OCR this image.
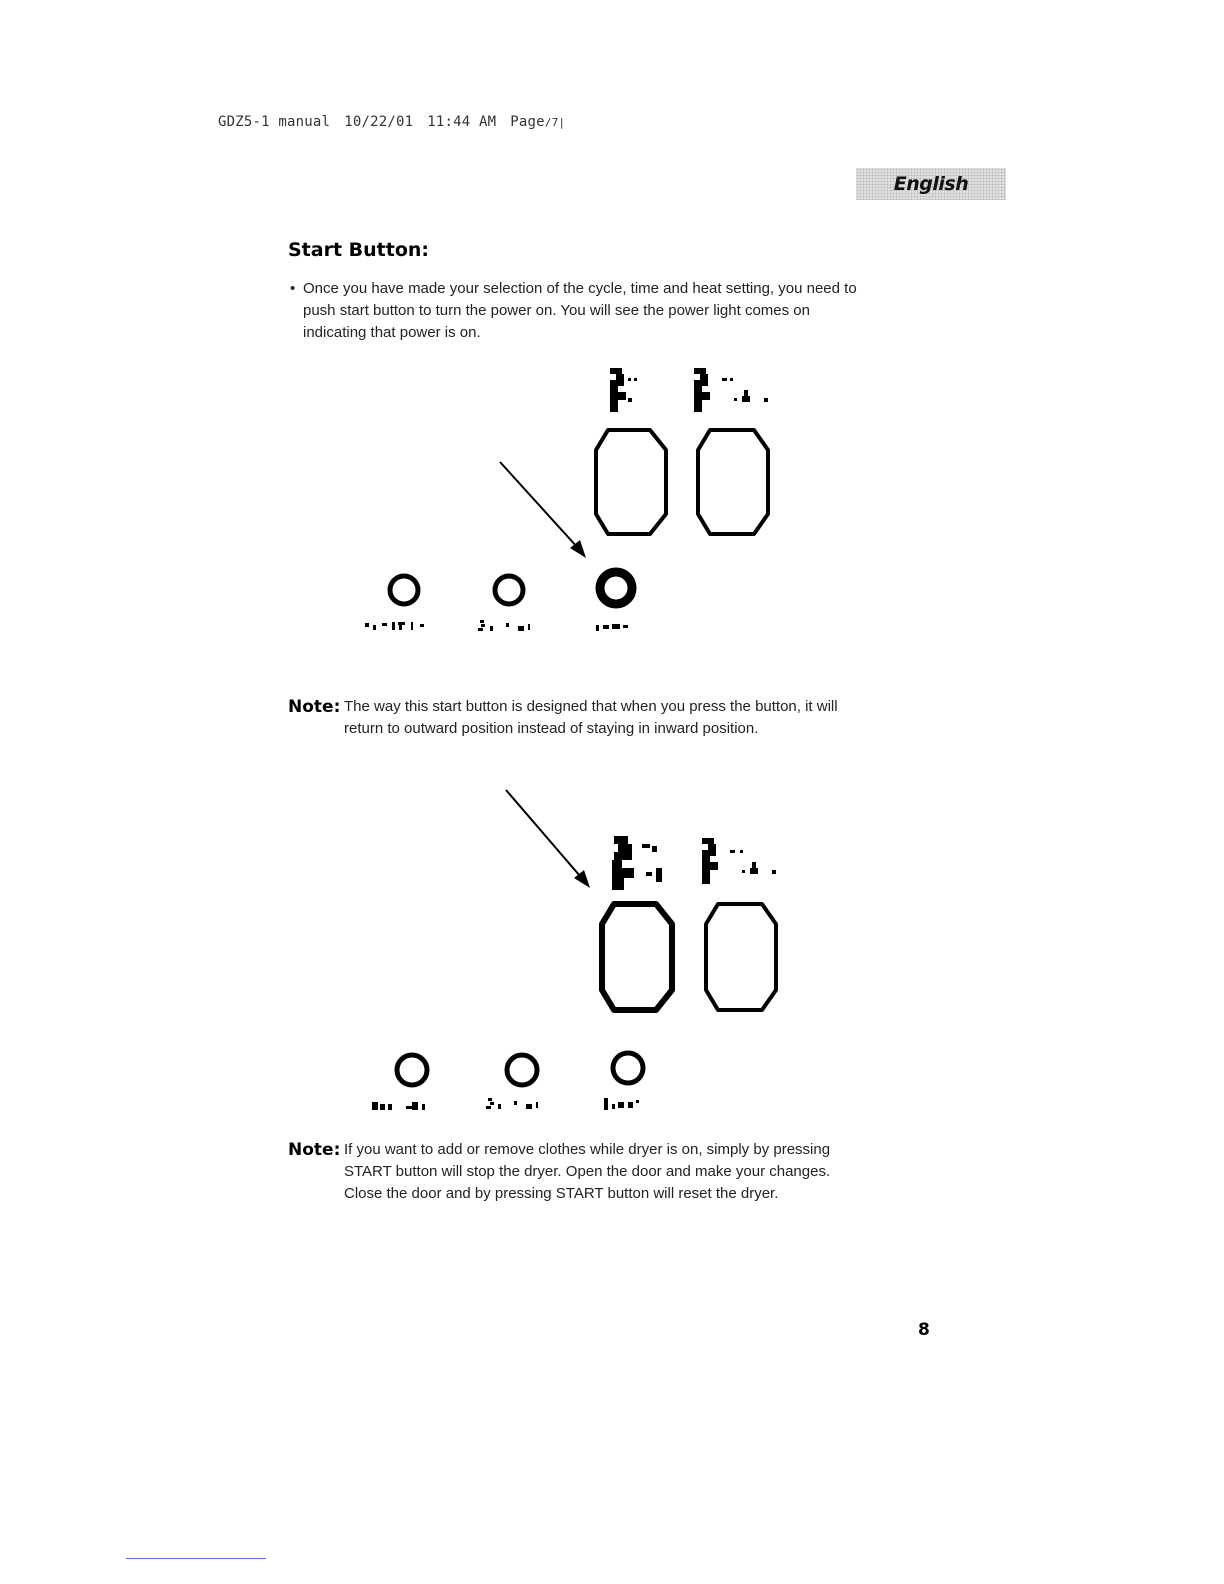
GDZ5-1 manual 10/22/01 11:44 AM Page/7|
English
Start Button:
• Once you have made your selection of the cycle, time and heat setting, you need to push start button to turn the power on. You will see the power light comes on indicating that power is on.
Note: The way this start button is designed that when you press the button, it will return to outward position instead of staying in inward position.
Note: If you want to add or remove clothes while dryer is on, simply by pressing START button will stop the dryer. Open the door and make your changes. Close the door and by pressing START button will reset the dryer.
8
